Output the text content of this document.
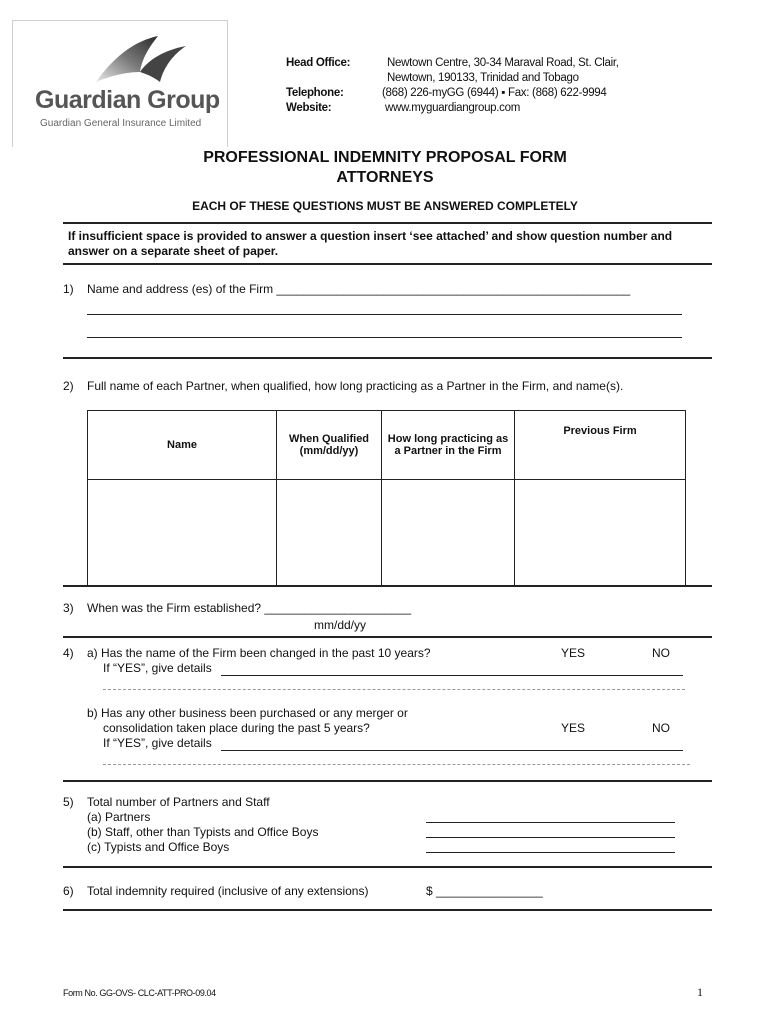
Guardian Group
Guardian General Insurance Limited
Head Office:	Newtown Centre, 30-34 Maraval Road, St. Clair,
Newtown, 190133, Trinidad and Tobago
Telephone:	(868) 226-myGG (6944) ▪ Fax: (868) 622-9994
Website:	www.myguardiangroup.com
PROFESSIONAL INDEMNITY PROPOSAL FORM
ATTORNEYS
EACH OF THESE QUESTIONS MUST BE ANSWERED COMPLETELY
If insufficient space is provided to answer a question insert ‘see attached’ and show question number and
answer on a separate sheet of paper.
1) Name and address (es) of the Firm _____________________________________________________
2) Full name of each Partner, when qualified, how long practicing as a Partner in the Firm, and name(s).
Name	When Qualified (mm/dd/yy)	How long practicing as a Partner in the Firm	Previous Firm

3) When was the Firm established? ______________________
mm/dd/yy
4) a) Has the name of the Firm been changed in the past 10 years?	YES	NO
If “YES”, give details
b) Has any other business been purchased or any merger or
consolidation taken place during the past 5 years?	YES	NO
If “YES”, give details
5) Total number of Partners and Staff
(a) Partners
(b) Staff, other than Typists and Office Boys
(c) Typists and Office Boys
6) Total indemnity required (inclusive of any extensions)	$ ________________
Form No. GG-OVS- CLC-ATT-PRO-09.04	1
